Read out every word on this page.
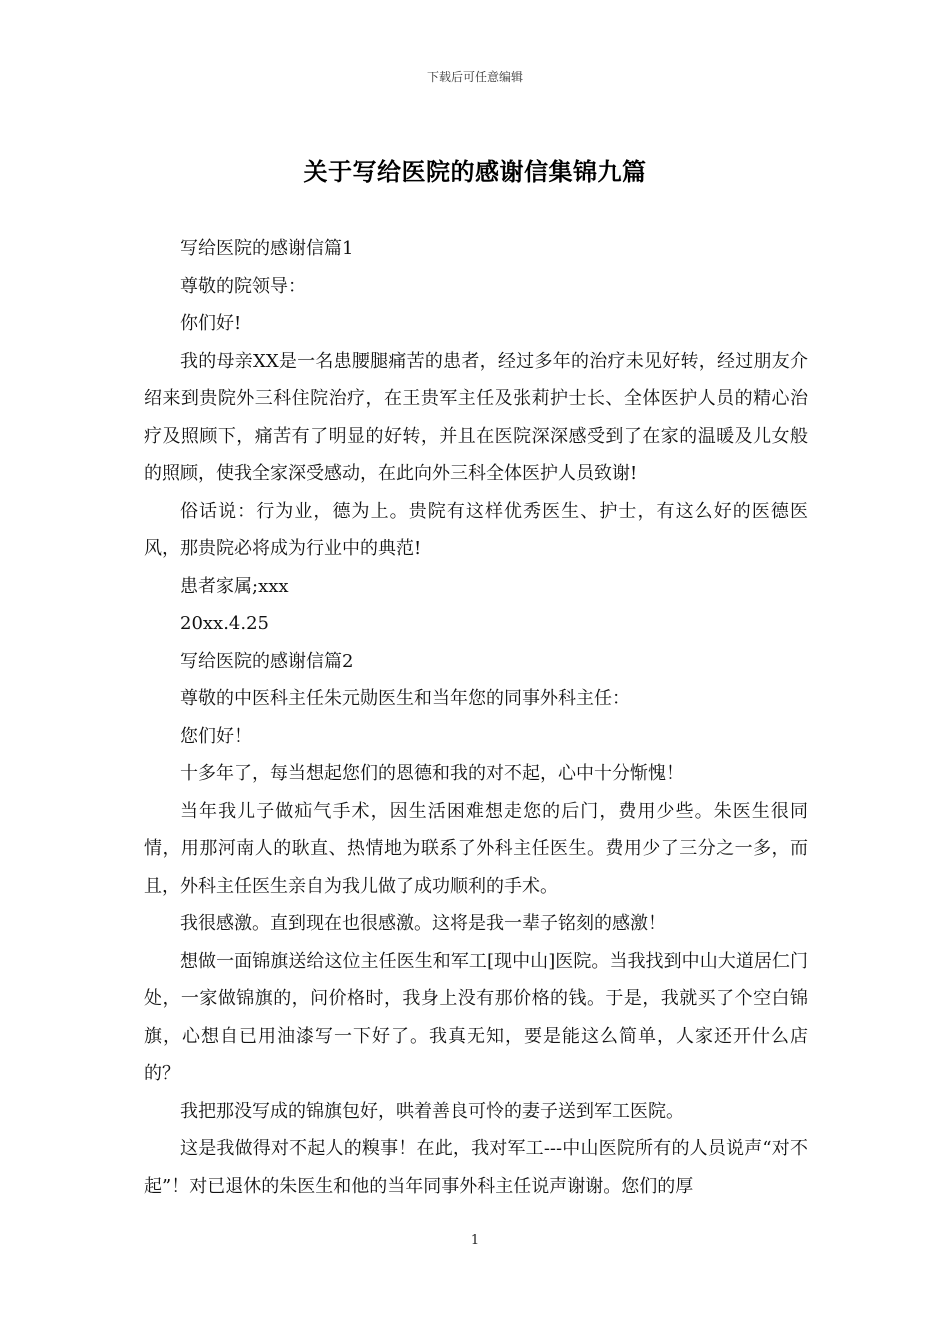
下载后可任意编辑
关于写给医院的感谢信集锦九篇

写给医院的感谢信篇1

尊敬的院领导：

你们好!

我的母亲XX是一名患腰腿痛苦的患者，经过多年的治疗未见好转，经过朋友介绍来到贵院外三科住院治疗，在王贵军主任及张莉护士长、全体医护人员的精心治疗及照顾下，痛苦有了明显的好转，并且在医院深深感受到了在家的温暖及儿女般的照顾，使我全家深受感动，在此向外三科全体医护人员致谢!

俗话说：行为业，德为上。贵院有这样优秀医生、护士，有这么好的医德医风，那贵院必将成为行业中的典范!

患者家属;xxx

20xx.4.25

写给医院的感谢信篇2

尊敬的中医科主任朱元勋医生和当年您的同事外科主任：

您们好！

十多年了，每当想起您们的恩德和我的对不起，心中十分惭愧！

当年我儿子做疝气手术，因生活困难想走您的后门，费用少些。朱医生很同情，用那河南人的耿直、热情地为联系了外科主任医生。费用少了三分之一多，而且，外科主任医生亲自为我儿做了成功顺利的手术。

我很感激。直到现在也很感激。这将是我一辈子铭刻的感激！

想做一面锦旗送给这位主任医生和军工[现中山]医院。当我找到中山大道居仁门处，一家做锦旗的，问价格时，我身上没有那价格的钱。于是，我就买了个空白锦旗，心想自已用油漆写一下好了。我真无知，要是能这么简单，人家还开什么店的？

我把那没写成的锦旗包好，哄着善良可怜的妻子送到军工医院。

这是我做得对不起人的糗事！在此，我对军工---中山医院所有的人员说声“对不起”！对已退休的朱医生和他的当年同事外科主任说声谢谢。您们的厚

1
